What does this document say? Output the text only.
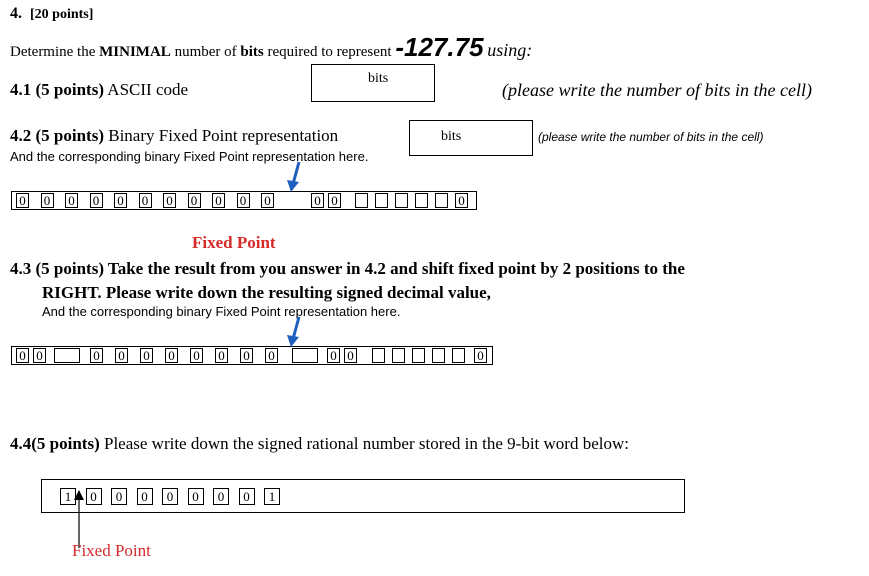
4. [20 points]
Determine the MINIMAL number of bits required to represent -127.75 using:
4.1 (5 points) ASCII code
bits
(please write the number of bits in the cell)
4.2 (5 points) Binary Fixed Point representation	bits	(please write the number of bits in the cell)
And the corresponding binary Fixed Point representation here.
0 0 0 0 0 0 0 0 0 0 0	0 0	0
Fixed Point
4.3 (5 points) Take the result from you answer in 4.2 and shift fixed point by 2 positions to the
RIGHT. Please write down the resulting signed decimal value,
And the corresponding binary Fixed Point representation here.
0 0	0 0 0 0 0 0 0 0	0 0	0
4.4(5 points) Please write down the signed rational number stored in the 9-bit word below:
1	0	0	0	0	0	0	0	1
Fixed Point
